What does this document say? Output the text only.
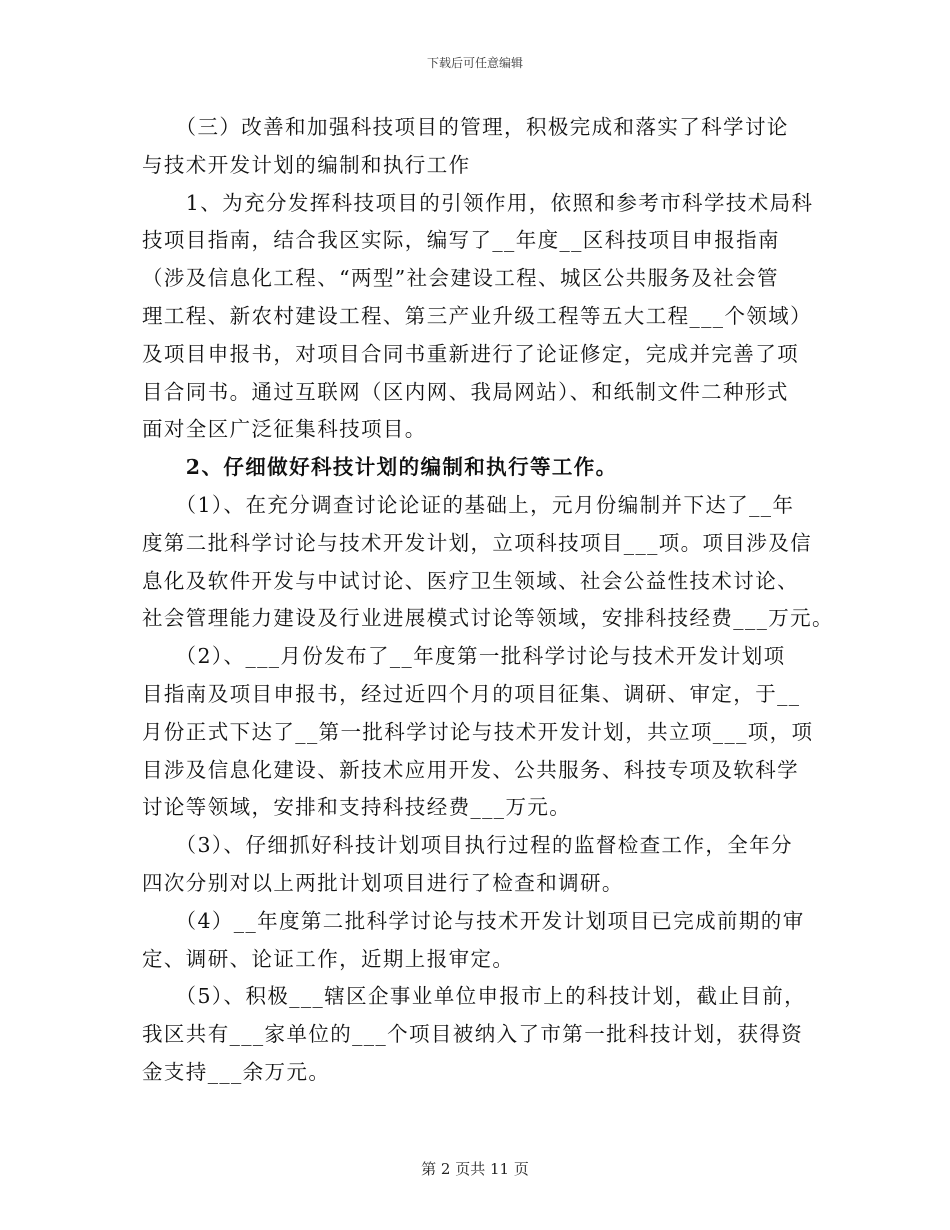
下载后可任意编辑

　　（三）改善和加强科技项目的管理，积极完成和落实了科学讨论
与技术开发计划的编制和执行工作

　　1、为充分发挥科技项目的引领作用，依照和参考市科学技术局科
技项目指南，结合我区实际，编写了__年度__区科技项目申报指南
（涉及信息化工程、“两型”社会建设工程、城区公共服务及社会管
理工程、新农村建设工程、第三产业升级工程等五大工程___个领域）
及项目申报书，对项目合同书重新进行了论证修定，完成并完善了项
目合同书。通过互联网（区内网、我局网站）、和纸制文件二种形式
面对全区广泛征集科技项目。

　　2、仔细做好科技计划的编制和执行等工作。

　　（1）、在充分调查讨论论证的基础上，元月份编制并下达了__年
度第二批科学讨论与技术开发计划，立项科技项目___项。项目涉及信
息化及软件开发与中试讨论、医疗卫生领域、社会公益性技术讨论、
社会管理能力建设及行业进展模式讨论等领域，安排科技经费___万元。

　　（2）、___月份发布了__年度第一批科学讨论与技术开发计划项
目指南及项目申报书，经过近四个月的项目征集、调研、审定，于__
月份正式下达了__第一批科学讨论与技术开发计划，共立项___项，项
目涉及信息化建设、新技术应用开发、公共服务、科技专项及软科学
讨论等领域，安排和支持科技经费___万元。

　　（3）、仔细抓好科技计划项目执行过程的监督检查工作，全年分
四次分别对以上两批计划项目进行了检查和调研。

　　（4）__年度第二批科学讨论与技术开发计划项目已完成前期的审
定、调研、论证工作，近期上报审定。

　　（5）、积极___辖区企事业单位申报市上的科技计划，截止目前，
我区共有___家单位的___个项目被纳入了市第一批科技计划，获得资
金支持___余万元。

第 2 页共 11 页
